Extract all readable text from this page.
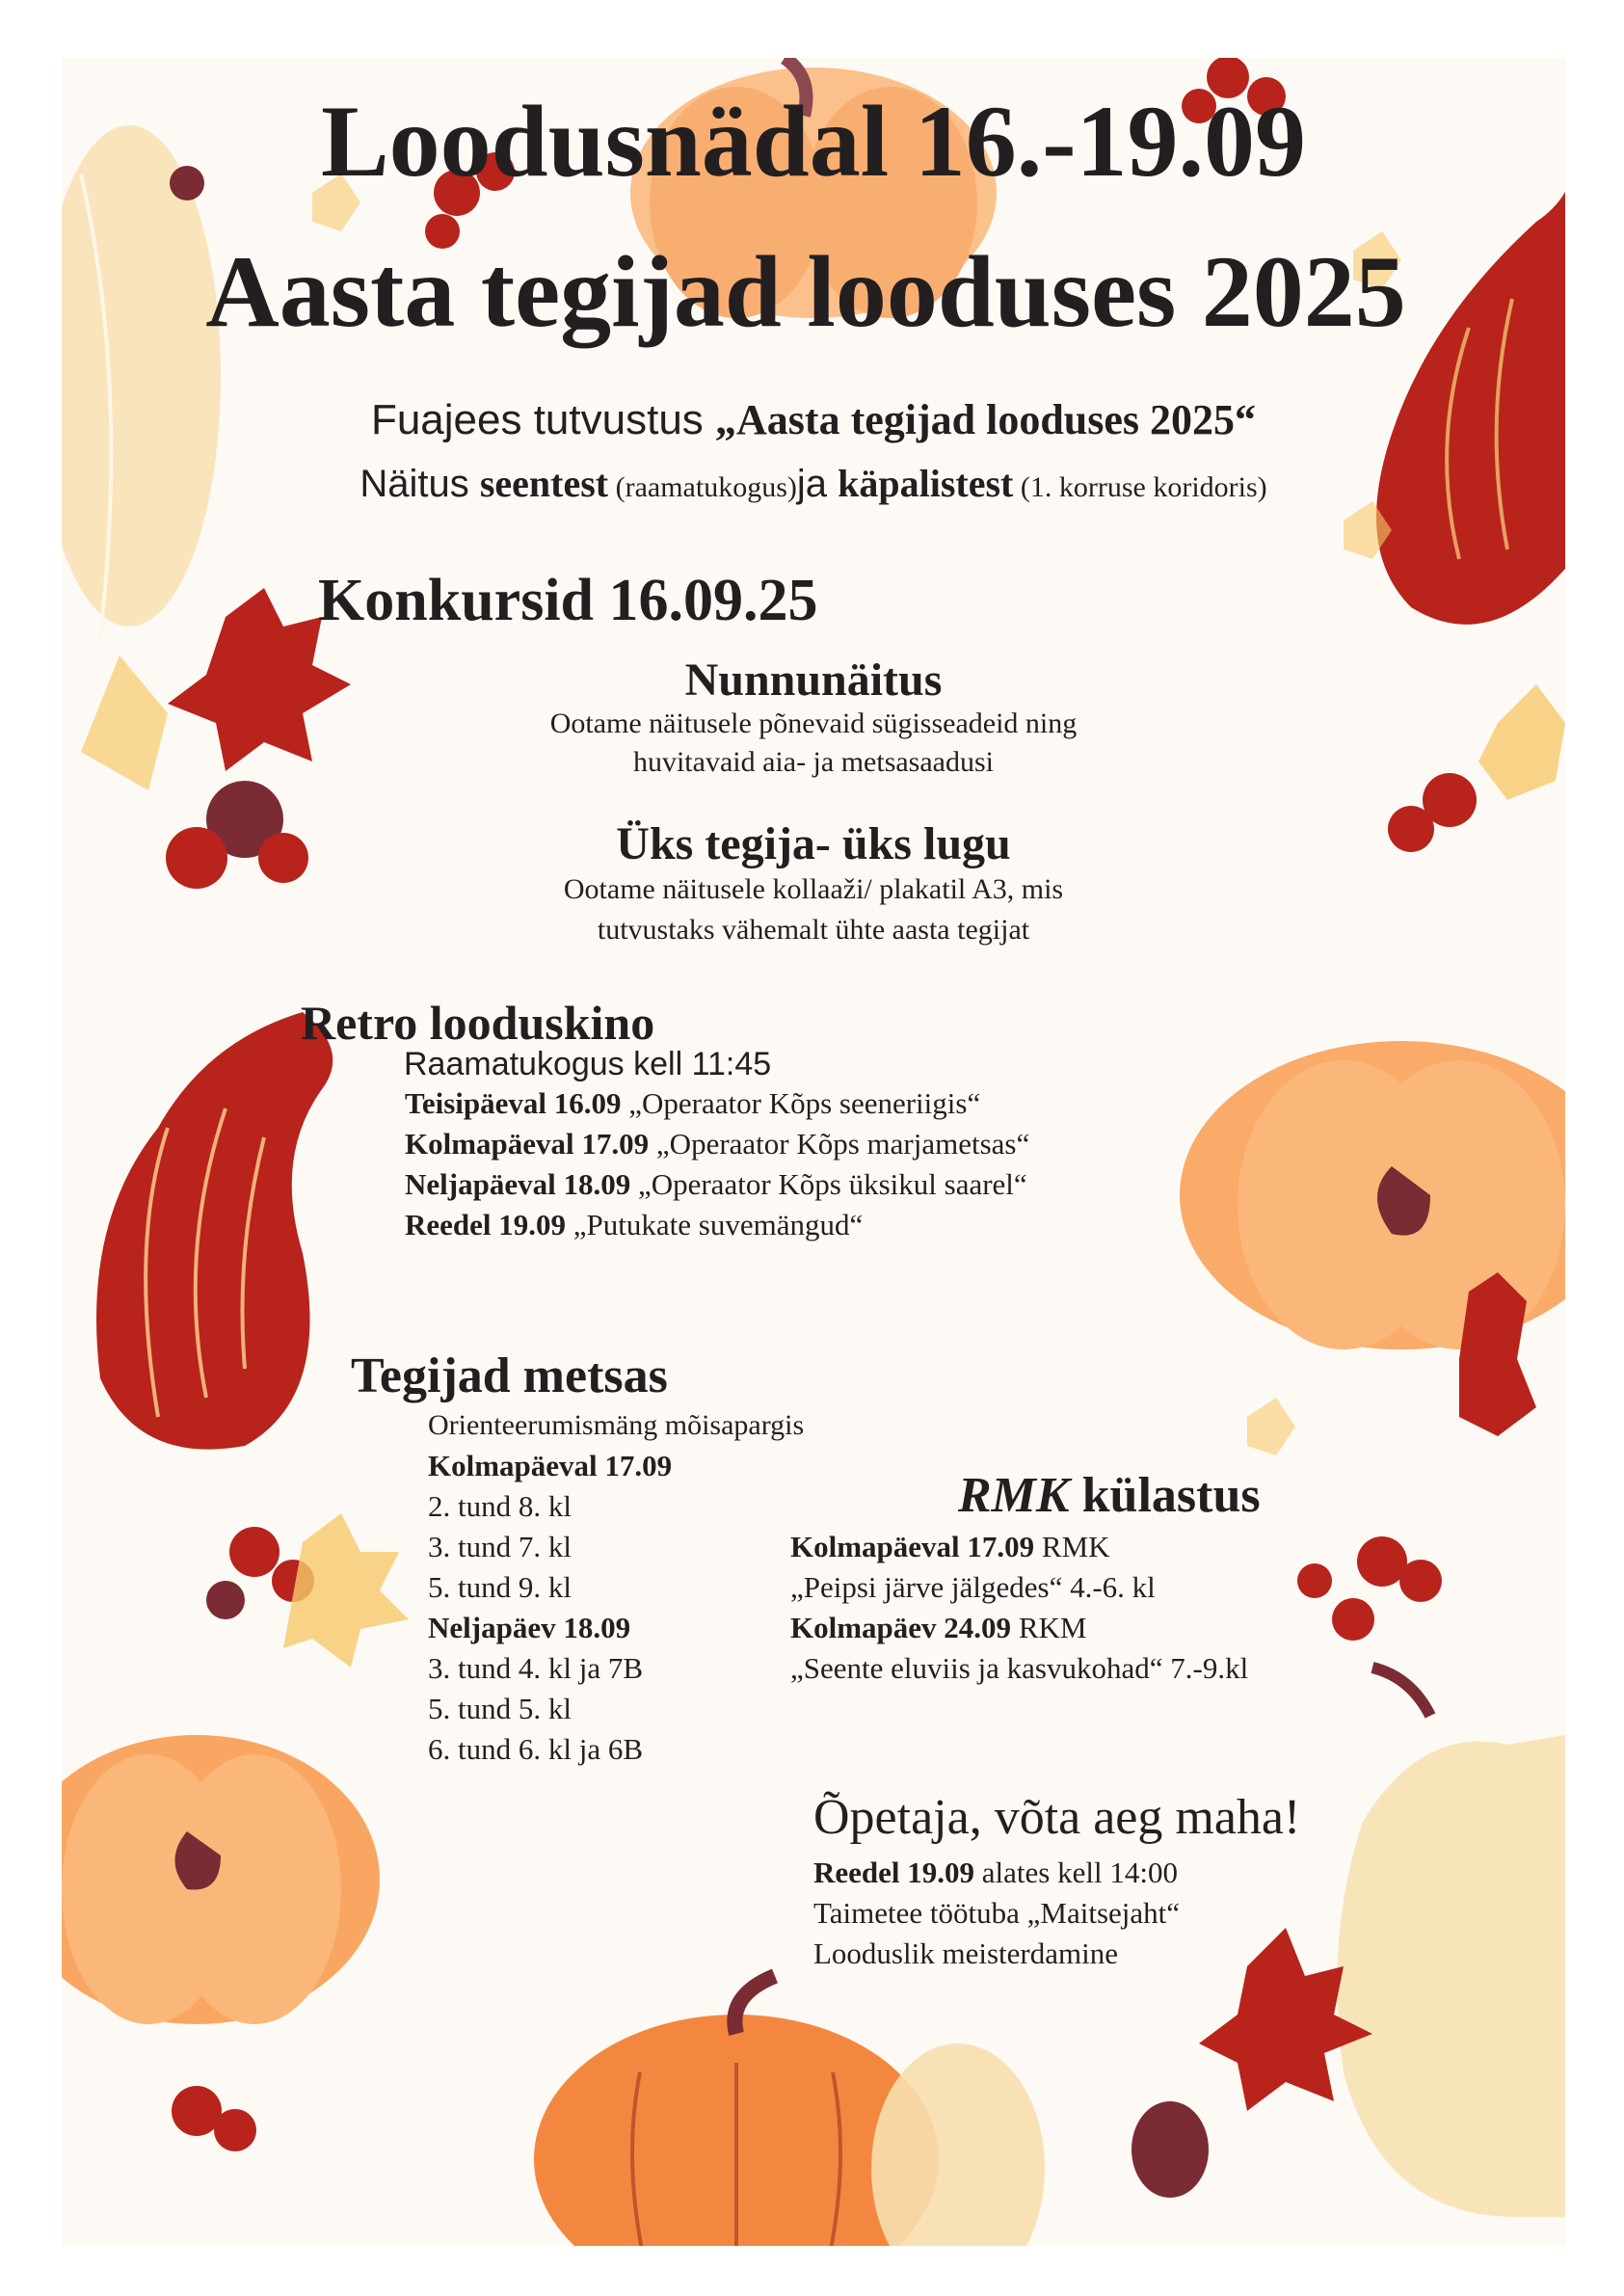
Loodusnädal 16.-19.09
Aasta tegijad looduses 2025
Fuajees tutvustus „Aasta tegijad looduses 2025“
Näitus seentest (raamatukogus)ja käpalistest (1. korruse koridoris)
Konkursid 16.09.25
Nunnunäitus
Ootame näitusele põnevaid sügisseadeid ning
huvitavaid aia- ja metsasaadusi
Üks tegija- üks lugu
Ootame näitusele kollaaži/ plakatil A3, mis
tutvustaks vähemalt ühte aasta tegijat
Retro looduskino
Raamatukogus kell 11:45
Teisipäeval 16.09 „Operaator Kõps seeneriigis“
Kolmapäeval 17.09 „Operaator Kõps marjametsas“
Neljapäeval 18.09 „Operaator Kõps üksikul saarel“
Reedel 19.09 „Putukate suvemängud“
Tegijad metsas
Orienteerumismäng mõisapargis
Kolmapäeval 17.09
2. tund 8. kl
3. tund 7. kl
5. tund 9. kl
Neljapäev 18.09
3. tund 4. kl ja 7B
5. tund 5. kl
6. tund 6. kl ja 6B
RMK külastus
Kolmapäeval 17.09 RMK
„Peipsi järve jälgedes“ 4.-6. kl
Kolmapäev 24.09 RKM
„Seente eluviis ja kasvukohad“ 7.-9.kl
Õpetaja, võta aeg maha!
Reedel 19.09 alates kell 14:00
Taimetee töötuba „Maitsejaht“
Looduslik meisterdamine
